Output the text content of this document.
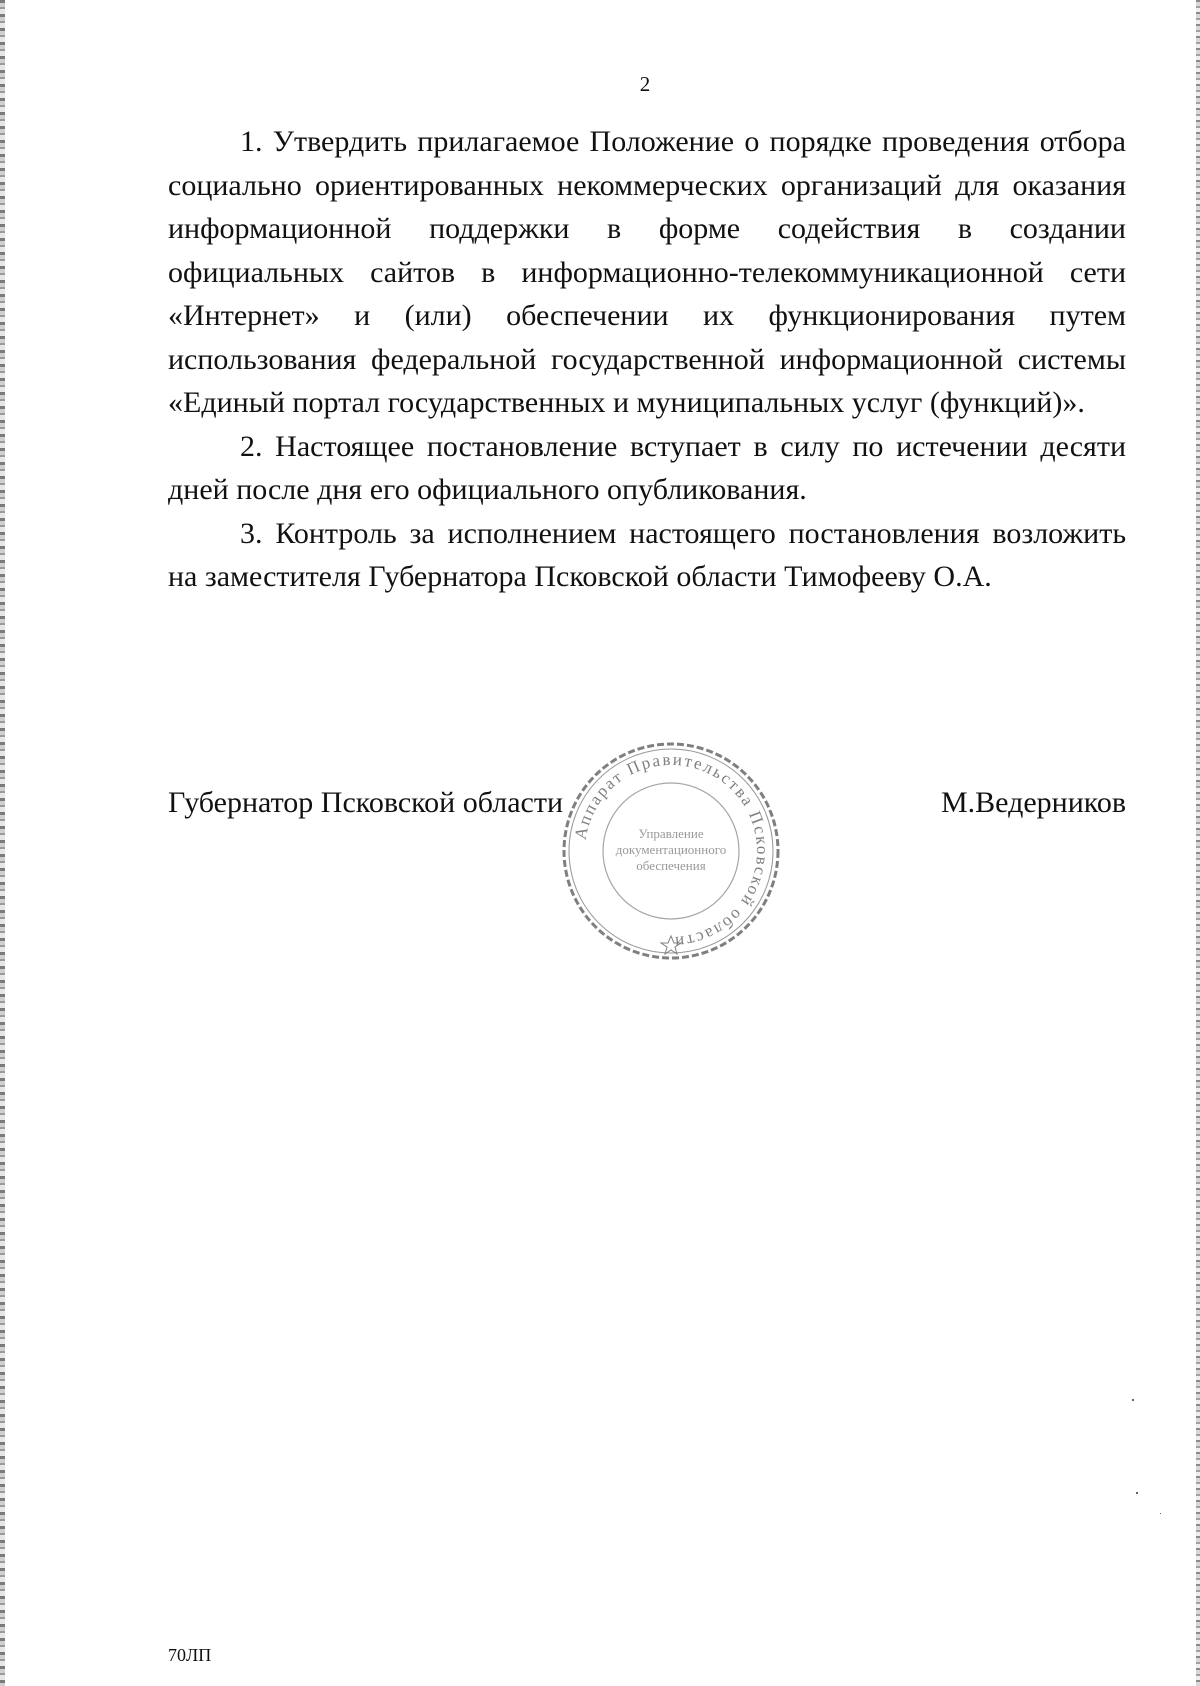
2

1. Утвердить прилагаемое Положение о порядке проведения отбора социально ориентированных некоммерческих организаций для оказания информационной поддержки в форме содействия в создании официальных сайтов в информационно-телекоммуникационной сети «Интернет» и (или) обеспечении их функционирования путем использования федеральной государственной информационной системы «Единый портал государственных и муниципальных услуг (функций)».

2. Настоящее постановление вступает в силу по истечении десяти дней после дня его официального опубликования.

3. Контроль за исполнением настоящего постановления возложить на заместителя Губернатора Псковской области Тимофееву О.А.

Губернатор Псковской области	М.Ведерников
Аппарат Правительства Псковской области
Управление
документационного
обеспечения
70ЛП
